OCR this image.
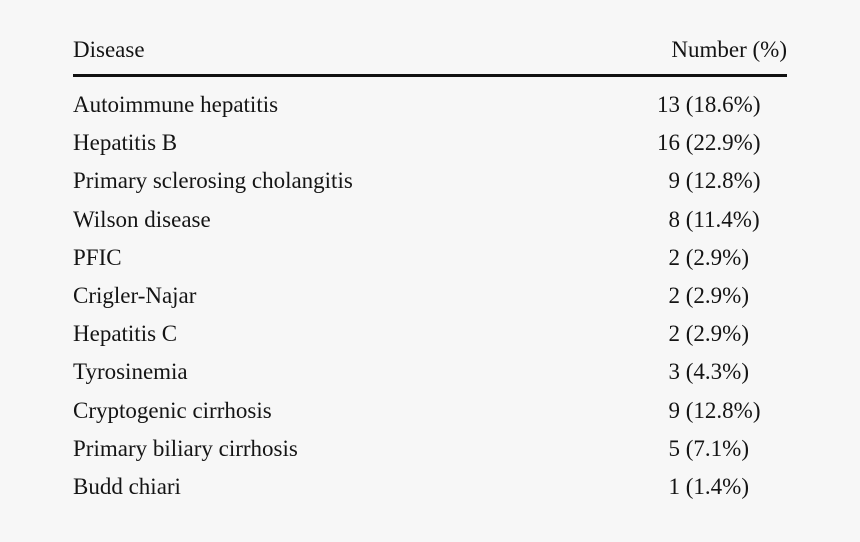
Disease	Number (%)
Autoimmune hepatitis	13 (18.6%)
Hepatitis B	16 (22.9%)
Primary sclerosing cholangitis	9 (12.8%)
Wilson disease	8 (11.4%)
PFIC	2 (2.9%)
Crigler-Najar	2 (2.9%)
Hepatitis C	2 (2.9%)
Tyrosinemia	3 (4.3%)
Cryptogenic cirrhosis	9 (12.8%)
Primary biliary cirrhosis	5 (7.1%)
Budd chiari	1 (1.4%)
